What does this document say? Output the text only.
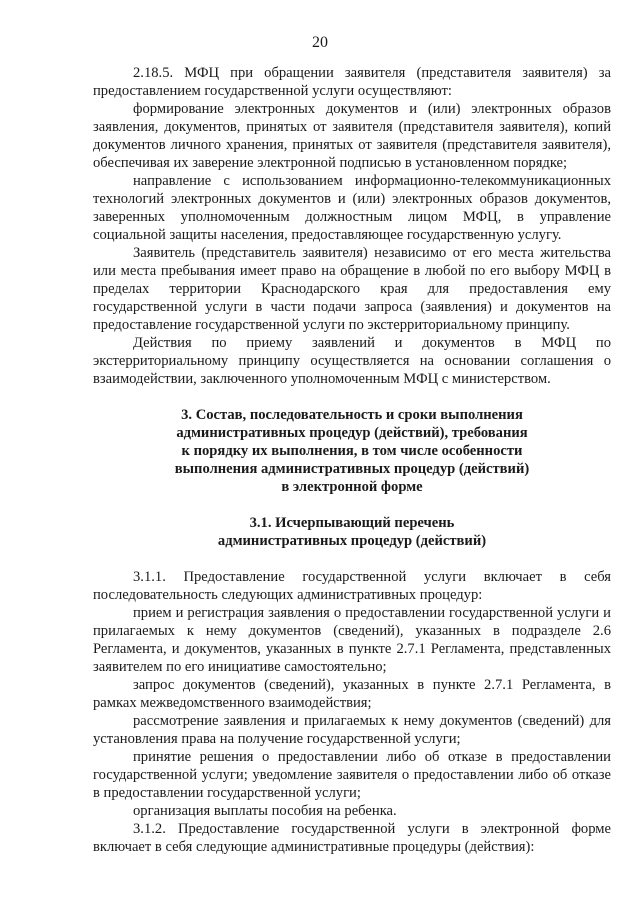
20

2.18.5. МФЦ при обращении заявителя (представителя заявителя) за предоставлением государственной услуги осуществляют:

формирование электронных документов и (или) электронных образов заявления, документов, принятых от заявителя (представителя заявителя), копий документов личного хранения, принятых от заявителя (представителя заявителя), обеспечивая их заверение электронной подписью в установленном порядке;

направление с использованием информационно-телекоммуникационных технологий электронных документов и (или) электронных образов документов, заверенных уполномоченным должностным лицом МФЦ, в управление социальной защиты населения, предоставляющее государственную услугу.

Заявитель (представитель заявителя) независимо от его места жительства или места пребывания имеет право на обращение в любой по его выбору МФЦ в пределах территории Краснодарского края для предоставления ему государственной услуги в части подачи запроса (заявления) и документов на предоставление государственной услуги по экстерриториальному принципу.

Действия по приему заявлений и документов в МФЦ по экстерриториальному принципу осуществляется на основании соглашения о взаимодействии, заключенного уполномоченным МФЦ с министерством.

3. Состав, последовательность и сроки выполнения
административных процедур (действий), требования
к порядку их выполнения, в том числе особенности
выполнения административных процедур (действий)
в электронной форме
3.1. Исчерпывающий перечень
административных процедур (действий)

3.1.1. Предоставление государственной услуги включает в себя последовательность следующих административных процедур:

прием и регистрация заявления о предоставлении государственной услуги и прилагаемых к нему документов (сведений), указанных в подразделе 2.6 Регламента, и документов, указанных в пункте 2.7.1 Регламента, представленных заявителем по его инициативе самостоятельно;

запрос документов (сведений), указанных в пункте 2.7.1 Регламента, в рамках межведомственного взаимодействия;

рассмотрение заявления и прилагаемых к нему документов (сведений) для установления права на получение государственной услуги;

принятие решения о предоставлении либо об отказе в предоставлении государственной услуги; уведомление заявителя о предоставлении либо об отказе в предоставлении государственной услуги;

организация выплаты пособия на ребенка.

3.1.2. Предоставление государственной услуги в электронной форме включает в себя следующие административные процедуры (действия):
